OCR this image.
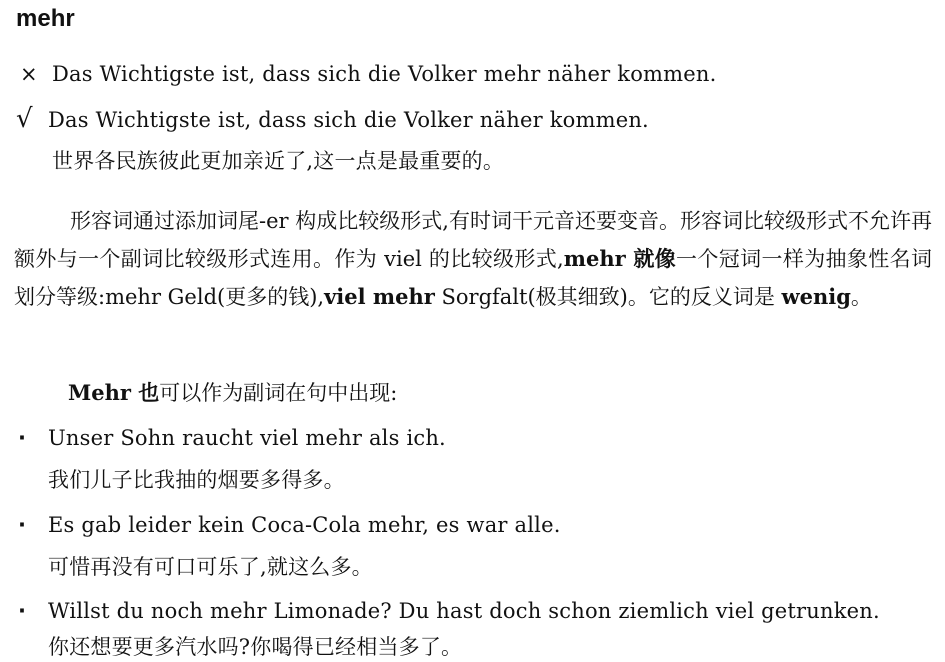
mehr
× Das Wichtigste ist, dass sich die Volker mehr näher kommen.
√ Das Wichtigste ist, dass sich die Volker näher kommen.
世界各民族彼此更加亲近了,这一点是最重要的。
形容词通过添加词尾-er 构成比较级形式,有时词干元音还要变音。形容词比较级形式不允许再额外与一个副词比较级形式连用。作为 viel 的比较级形式,mehr 就像一个冠词一样为抽象性名词划分等级:mehr Geld(更多的钱),viel mehr Sorgfalt(极其细致)。它的反义词是 wenig。
Mehr 也可以作为副词在句中出现:
· Unser Sohn raucht viel mehr als ich.
我们儿子比我抽的烟要多得多。
· Es gab leider kein Coca-Cola mehr, es war alle.
可惜再没有可口可乐了,就这么多。
· Willst du noch mehr Limonade? Du hast doch schon ziemlich viel getrunken.
你还想要更多汽水吗?你喝得已经相当多了。
